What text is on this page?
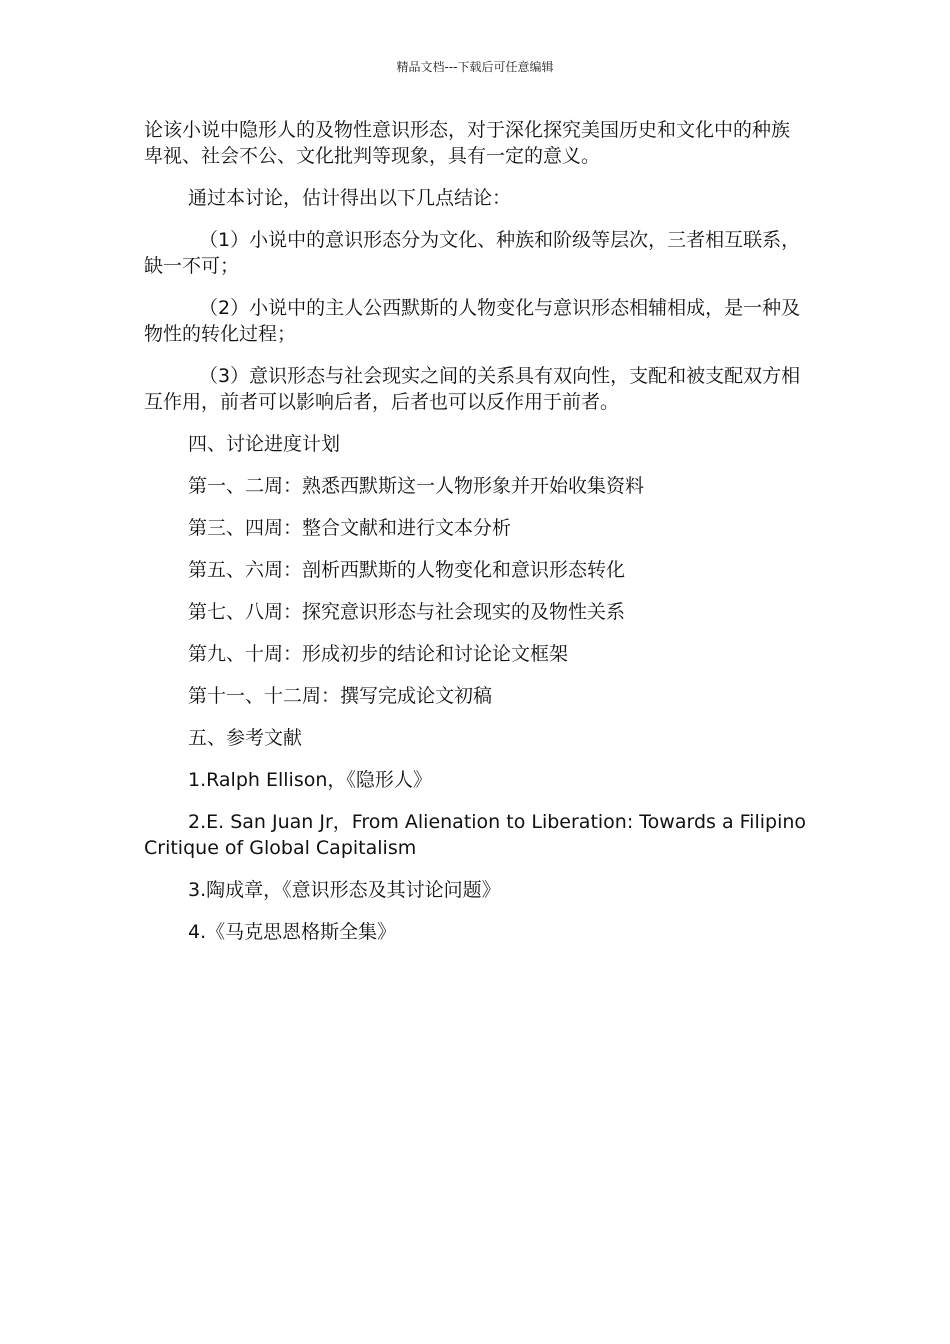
精品文档---下载后可任意编辑

论该小说中隐形人的及物性意识形态，对于深化探究美国历史和文化中的种族卑视、社会不公、文化批判等现象，具有一定的意义。

通过本讨论，估计得出以下几点结论：

（1）小说中的意识形态分为文化、种族和阶级等层次，三者相互联系，缺一不可；

（2）小说中的主人公西默斯的人物变化与意识形态相辅相成，是一种及物性的转化过程；

（3）意识形态与社会现实之间的关系具有双向性，支配和被支配双方相互作用，前者可以影响后者，后者也可以反作用于前者。

四、讨论进度计划

第一、二周：熟悉西默斯这一人物形象并开始收集资料

第三、四周：整合文献和进行文本分析

第五、六周：剖析西默斯的人物变化和意识形态转化

第七、八周：探究意识形态与社会现实的及物性关系

第九、十周：形成初步的结论和讨论论文框架

第十一、十二周：撰写完成论文初稿

五、参考文献

1.Ralph Ellison，《隐形人》

2.E. San Juan Jr，From Alienation to Liberation: Towards a Filipino Critique of Global Capitalism

3.陶成章，《意识形态及其讨论问题》

4.《马克思恩格斯全集》
